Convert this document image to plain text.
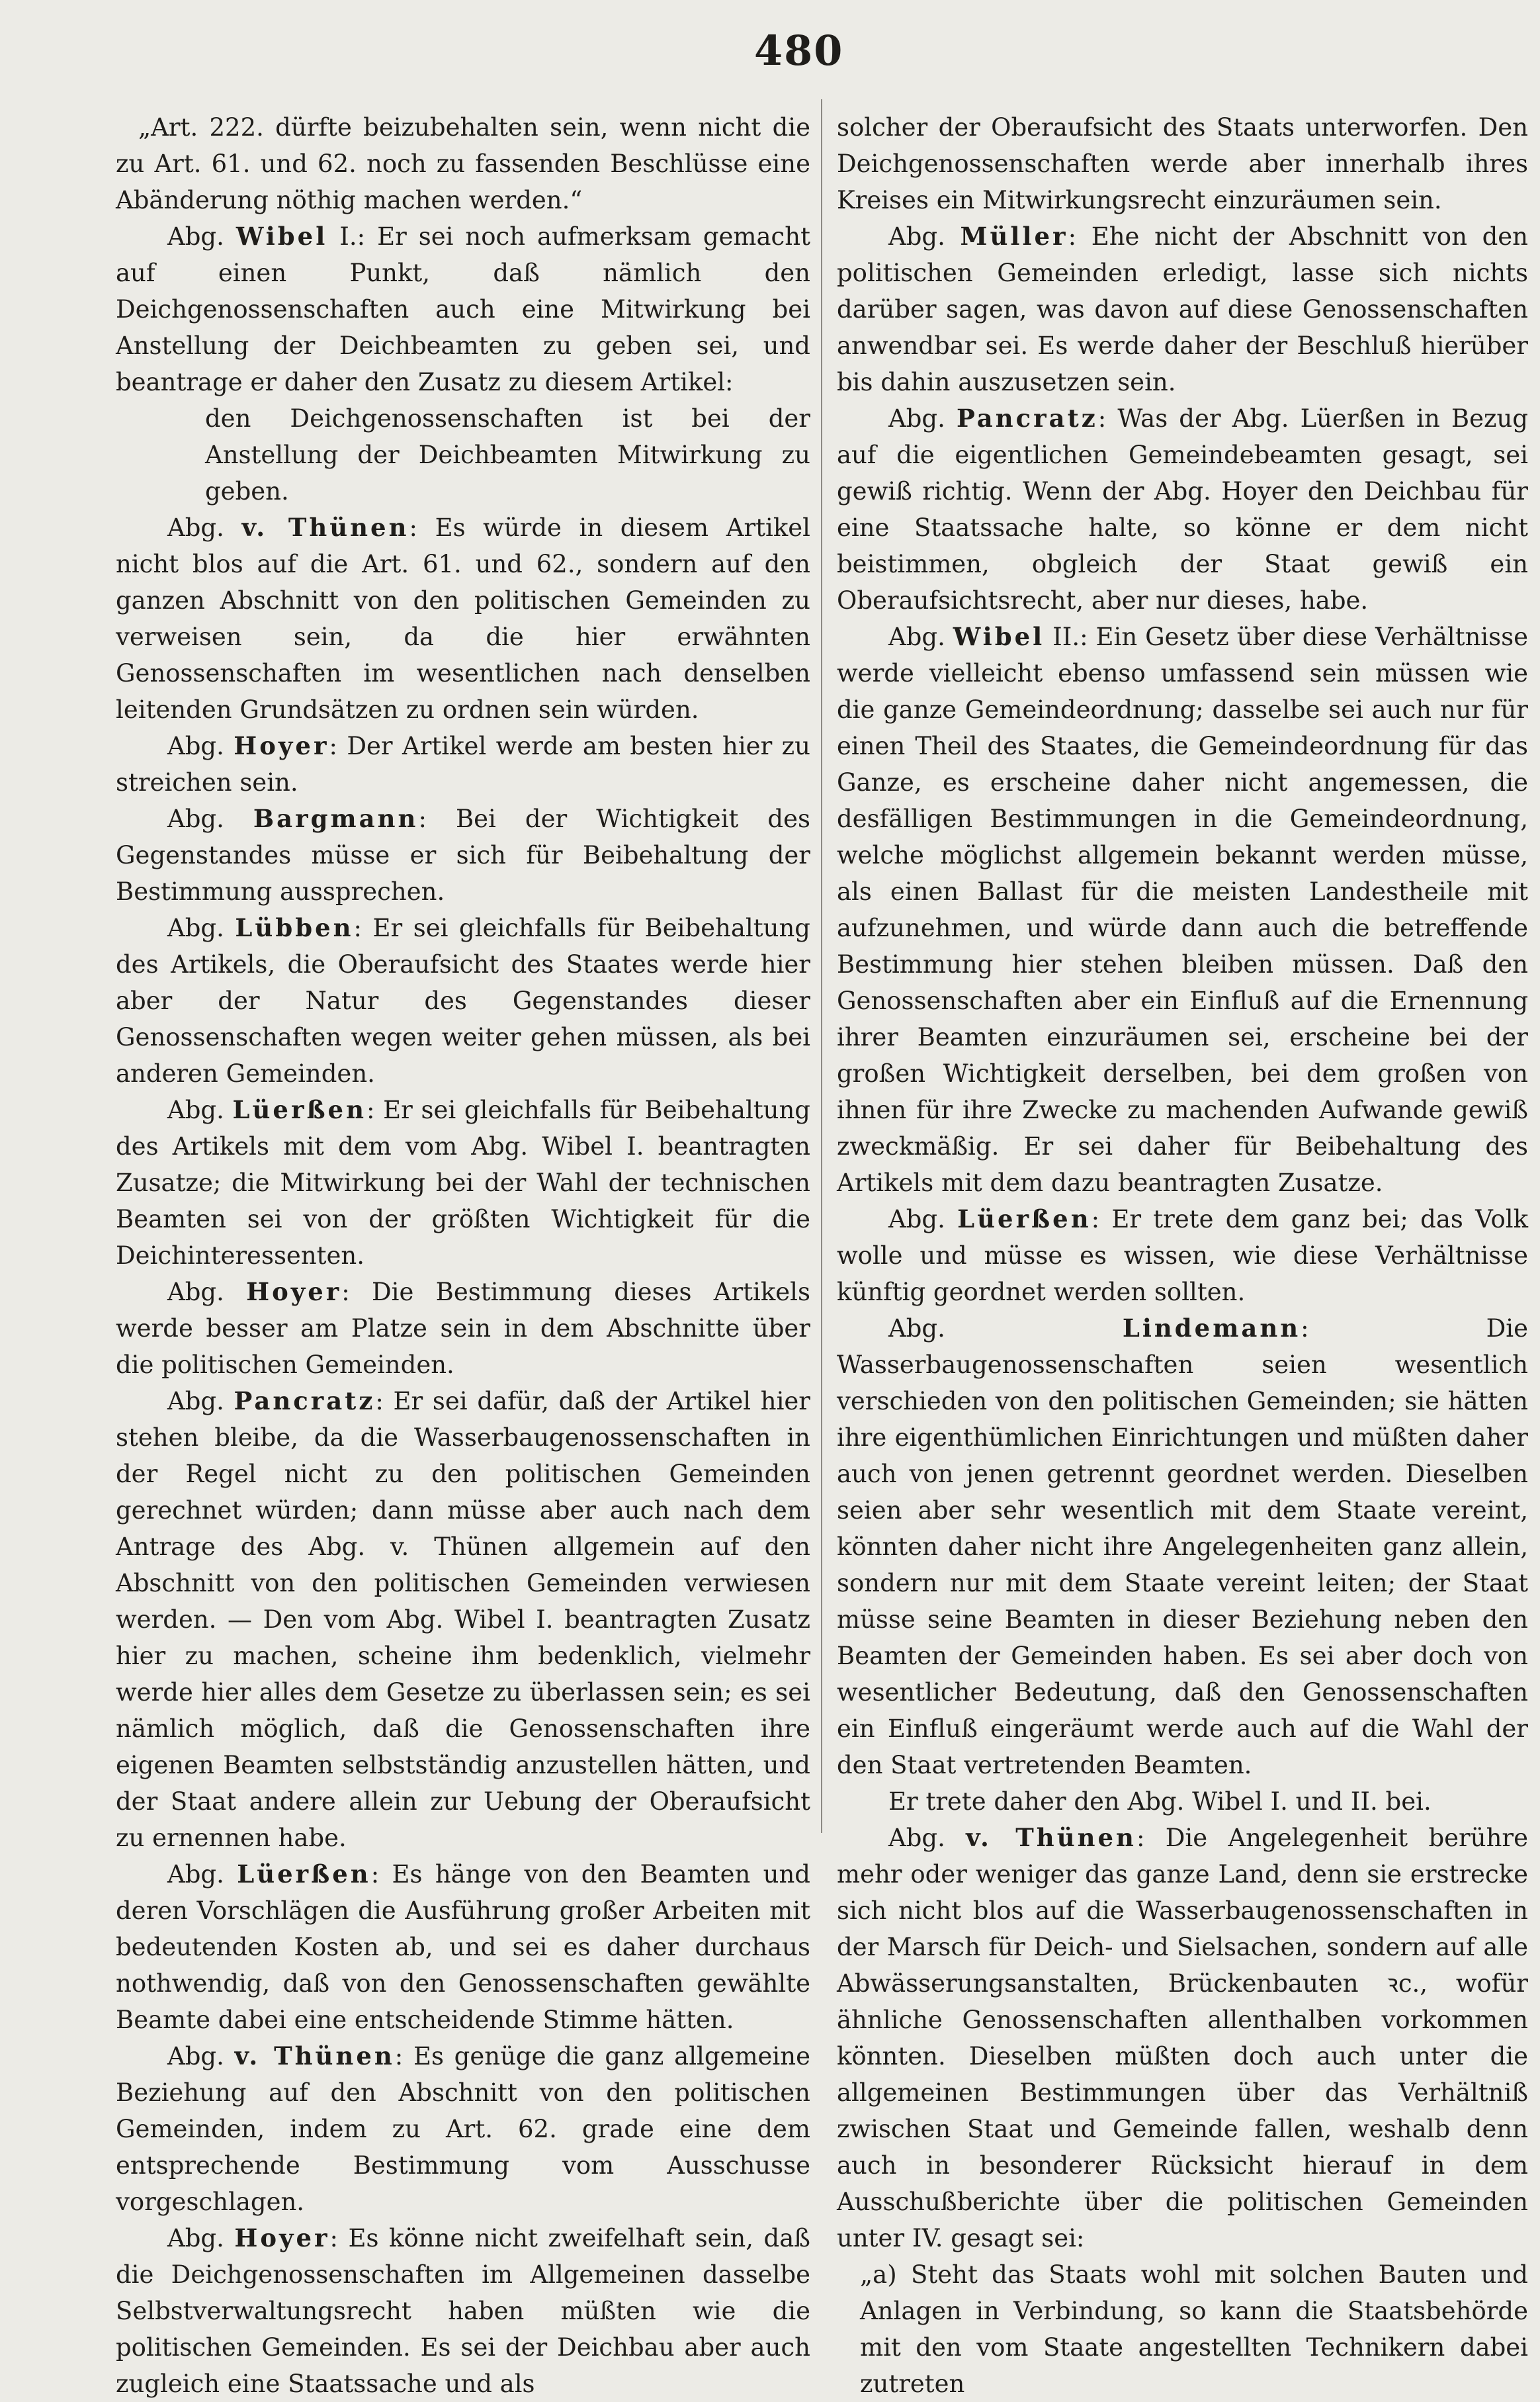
480

„Art. 222. dürfte beizubehalten sein, wenn nicht die zu Art. 61. und 62. noch zu fassenden Beschlüsse eine Abänderung nöthig machen werden.“

Abg. Wibel I.: Er sei noch aufmerksam gemacht auf einen Punkt, daß nämlich den Deichgenossenschaften auch eine Mitwirkung bei Anstellung der Deichbeamten zu geben sei, und beantrage er daher den Zusatz zu diesem Artikel:

den Deichgenossenschaften ist bei der Anstellung der Deichbeamten Mitwirkung zu geben.

Abg. v. Thünen: Es würde in diesem Artikel nicht blos auf die Art. 61. und 62., sondern auf den ganzen Abschnitt von den politischen Gemeinden zu verweisen sein, da die hier erwähnten Genossenschaften im wesentlichen nach denselben leitenden Grundsätzen zu ordnen sein würden.

Abg. Hoyer: Der Artikel werde am besten hier zu streichen sein.

Abg. Bargmann: Bei der Wichtigkeit des Gegenstandes müsse er sich für Beibehaltung der Bestimmung aussprechen.

Abg. Lübben: Er sei gleichfalls für Beibehaltung des Artikels, die Oberaufsicht des Staates werde hier aber der Natur des Gegenstandes dieser Genossenschaften wegen weiter gehen müssen, als bei anderen Gemeinden.

Abg. Lüerßen: Er sei gleichfalls für Beibehaltung des Artikels mit dem vom Abg. Wibel I. beantragten Zusatze; die Mitwirkung bei der Wahl der technischen Beamten sei von der größten Wichtigkeit für die Deichinteressenten.

Abg. Hoyer: Die Bestimmung dieses Artikels werde besser am Platze sein in dem Abschnitte über die politischen Gemeinden.

Abg. Pancratz: Er sei dafür, daß der Artikel hier stehen bleibe, da die Wasserbaugenossenschaften in der Regel nicht zu den politischen Gemeinden gerechnet würden; dann müsse aber auch nach dem Antrage des Abg. v. Thünen allgemein auf den Abschnitt von den politischen Gemeinden verwiesen werden. — Den vom Abg. Wibel I. beantragten Zusatz hier zu machen, scheine ihm bedenklich, vielmehr werde hier alles dem Gesetze zu überlassen sein; es sei nämlich möglich, daß die Genossenschaften ihre eigenen Beamten selbstständig anzustellen hätten, und der Staat andere allein zur Uebung der Oberaufsicht zu ernennen habe.

Abg. Lüerßen: Es hänge von den Beamten und deren Vorschlägen die Ausführung großer Arbeiten mit bedeutenden Kosten ab, und sei es daher durchaus nothwendig, daß von den Genossenschaften gewählte Beamte dabei eine entscheidende Stimme hätten.

Abg. v. Thünen: Es genüge die ganz allgemeine Beziehung auf den Abschnitt von den politischen Gemeinden, indem zu Art. 62. grade eine dem entsprechende Bestimmung vom Ausschusse vorgeschlagen.

Abg. Hoyer: Es könne nicht zweifelhaft sein, daß die Deichgenossenschaften im Allgemeinen dasselbe Selbstverwaltungsrecht haben müßten wie die politischen Gemeinden. Es sei der Deichbau aber auch zugleich eine Staatssache und als

solcher der Oberaufsicht des Staats unterworfen. Den Deichgenossenschaften werde aber innerhalb ihres Kreises ein Mitwirkungsrecht einzuräumen sein.

Abg. Müller: Ehe nicht der Abschnitt von den politischen Gemeinden erledigt, lasse sich nichts darüber sagen, was davon auf diese Genossenschaften anwendbar sei. Es werde daher der Beschluß hierüber bis dahin auszusetzen sein.

Abg. Pancratz: Was der Abg. Lüerßen in Bezug auf die eigentlichen Gemeindebeamten gesagt, sei gewiß richtig. Wenn der Abg. Hoyer den Deichbau für eine Staatssache halte, so könne er dem nicht beistimmen, obgleich der Staat gewiß ein Oberaufsichtsrecht, aber nur dieses, habe.

Abg. Wibel II.: Ein Gesetz über diese Verhältnisse werde vielleicht ebenso umfassend sein müssen wie die ganze Gemeindeordnung; dasselbe sei auch nur für einen Theil des Staates, die Gemeindeordnung für das Ganze, es erscheine daher nicht angemessen, die desfälligen Bestimmungen in die Gemeindeordnung, welche möglichst allgemein bekannt werden müsse, als einen Ballast für die meisten Landestheile mit aufzunehmen, und würde dann auch die betreffende Bestimmung hier stehen bleiben müssen. Daß den Genossenschaften aber ein Einfluß auf die Ernennung ihrer Beamten einzuräumen sei, erscheine bei der großen Wichtigkeit derselben, bei dem großen von ihnen für ihre Zwecke zu machenden Aufwande gewiß zweckmäßig. Er sei daher für Beibehaltung des Artikels mit dem dazu beantragten Zusatze.

Abg. Lüerßen: Er trete dem ganz bei; das Volk wolle und müsse es wissen, wie diese Verhältnisse künftig geordnet werden sollten.

Abg. Lindemann: Die Wasserbaugenossenschaften seien wesentlich verschieden von den politischen Gemeinden; sie hätten ihre eigenthümlichen Einrichtungen und müßten daher auch von jenen getrennt geordnet werden. Dieselben seien aber sehr wesentlich mit dem Staate vereint, könnten daher nicht ihre Angelegenheiten ganz allein, sondern nur mit dem Staate vereint leiten; der Staat müsse seine Beamten in dieser Beziehung neben den Beamten der Gemeinden haben. Es sei aber doch von wesentlicher Bedeutung, daß den Genossenschaften ein Einfluß eingeräumt werde auch auf die Wahl der den Staat vertretenden Beamten.

Er trete daher den Abg. Wibel I. und II. bei.

Abg. v. Thünen: Die Angelegenheit berühre mehr oder weniger das ganze Land, denn sie erstrecke sich nicht blos auf die Wasserbaugenossenschaften in der Marsch für Deich- und Sielsachen, sondern auf alle Abwässerungsanstalten, Brückenbauten ꝛc., wofür ähnliche Genossenschaften allenthalben vorkommen könnten. Dieselben müßten doch auch unter die allgemeinen Bestimmungen über das Verhältniß zwischen Staat und Gemeinde fallen, weshalb denn auch in besonderer Rücksicht hierauf in dem Ausschußberichte über die politischen Gemeinden unter IV. gesagt sei:

„a) Steht das Staats wohl mit solchen Bauten und Anlagen in Verbindung, so kann die Staatsbehörde mit den vom Staate angestellten Technikern dabei zutreten
